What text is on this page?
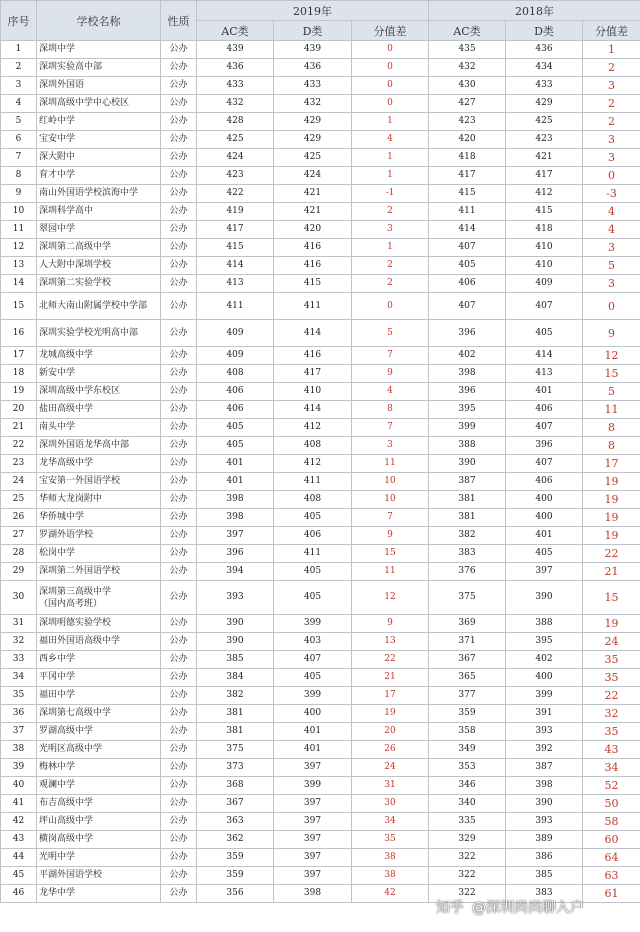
序号	学校名称	性质	2019年			2018年		
			AC类	D类	分值差	AC类	D类	分值差
1	深圳中学	公办	439	439	0	435	436	1
2	深圳实验高中部	公办	436	436	0	432	434	2
3	深圳外国语	公办	433	433	0	430	433	3
4	深圳高级中学中心校区	公办	432	432	0	427	429	2
5	红岭中学	公办	428	429	1	423	425	2
6	宝安中学	公办	425	429	4	420	423	3
7	深大附中	公办	424	425	1	418	421	3
8	育才中学	公办	423	424	1	417	417	0
9	南山外国语学校滨海中学	公办	422	421	-1	415	412	-3
10	深圳科学高中	公办	419	421	2	411	415	4
11	翠园中学	公办	417	420	3	414	418	4
12	深圳第二高级中学	公办	415	416	1	407	410	3
13	人大附中深圳学校	公办	414	416	2	405	410	5
14	深圳第二实验学校	公办	413	415	2	406	409	3
15	北师大南山附属学校中学部	公办	411	411	0	407	407	0
16	深圳实验学校光明高中部	公办	409	414	5	396	405	9
17	龙城高级中学	公办	409	416	7	402	414	12
18	新安中学	公办	408	417	9	398	413	15
19	深圳高级中学东校区	公办	406	410	4	396	401	5
20	盐田高级中学	公办	406	414	8	395	406	11
21	南头中学	公办	405	412	7	399	407	8
22	深圳外国语龙华高中部	公办	405	408	3	388	396	8
23	龙华高级中学	公办	401	412	11	390	407	17
24	宝安第一外国语学校	公办	401	411	10	387	406	19
25	华师大龙岗附中	公办	398	408	10	381	400	19
26	华侨城中学	公办	398	405	7	381	400	19
27	罗湖外语学校	公办	397	406	9	382	401	19
28	松岗中学	公办	396	411	15	383	405	22
29	深圳第二外国语学校	公办	394	405	11	376	397	21
30	深圳第三高级中学
（国内高考班）	公办	393	405	12	375	390	15
31	深圳明德实验学校	公办	390	399	9	369	388	19
32	福田外国语高级中学	公办	390	403	13	371	395	24
33	西乡中学	公办	385	407	22	367	402	35
34	平冈中学	公办	384	405	21	365	400	35
35	福田中学	公办	382	399	17	377	399	22
36	深圳第七高级中学	公办	381	400	19	359	391	32
37	罗湖高级中学	公办	381	401	20	358	393	35
38	光明区高级中学	公办	375	401	26	349	392	43
39	梅林中学	公办	373	397	24	353	387	34
40	观澜中学	公办	368	399	31	346	398	52
41	布吉高级中学	公办	367	397	30	340	390	50
42	坪山高级中学	公办	363	397	34	335	393	58
43	横岗高级中学	公办	362	397	35	329	389	60
44	光明中学	公办	359	397	38	322	386	64
45	平湖外国语学校	公办	359	397	38	322	385	63
46	龙华中学	公办	356	398	42	322	383	61
知乎 @深圳尚尚聊入户
